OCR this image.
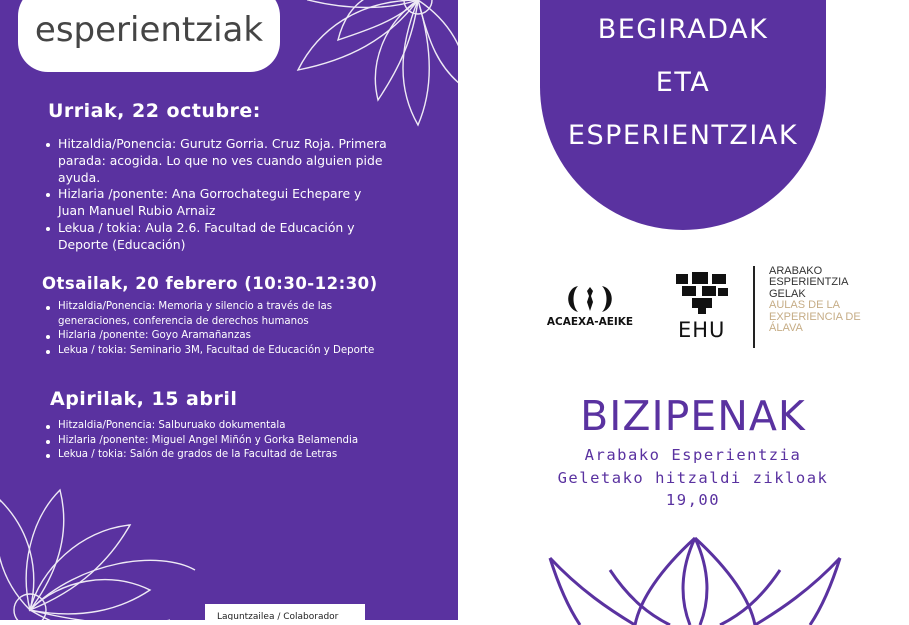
esperientziak
Urriak, 22 octubre:
Hitzaldia/Ponencia: Gurutz Gorria. Cruz Roja. Primera
parada: acogida. Lo que no ves cuando alguien pide
ayuda.
Hizlaria /ponente: Ana Gorrochategui Echepare y
Juan Manuel Rubio Arnaiz
Lekua / tokia: Aula 2.6. Facultad de Educación y
Deporte (Educación)
Otsailak, 20 febrero (10:30-12:30)
Hitzaldia/Ponencia: Memoria y silencio a través de las
generaciones, conferencia de derechos humanos
Hizlaria /ponente: Goyo Aramañanzas
Lekua / tokia: Seminario 3M, Facultad de Educación y Deporte
Apirilak, 15 abril
Hitzaldia/Ponencia: Salburuako dokumentala
Hizlaria /ponente: Miguel Angel Miñón y Gorka Belamendia
Lekua / tokia: Salón de grados de la Facultad de Letras
Laguntzailea / Colaborador
BEGIRADAK
ETA
ESPERIENTZIAK
ACAEXA-AEIKE	EHU
ARABAKO
ESPERIENTZIA
GELAK
AULAS DE LA
EXPERIENCIA DE
ÁLAVA
BIZIPENAK
Arabako Esperientzia
Geletako hitzaldi zikloak
19,00
